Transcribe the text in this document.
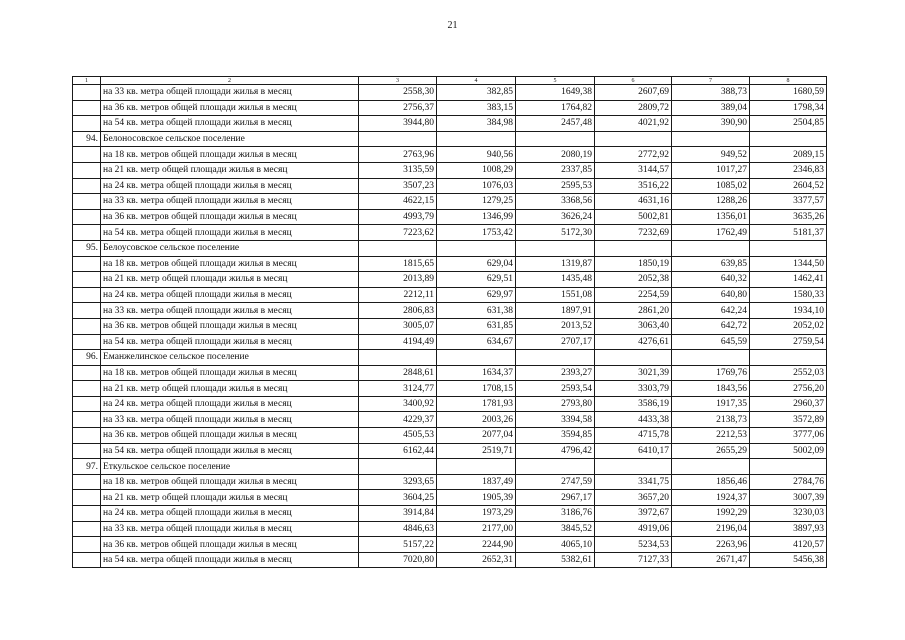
21
1	2	3	4	5	6	7	8
	на 33 кв. метра общей площади жилья в месяц	2558,30	382,85	1649,38	2607,69	388,73	1680,59
	на 36 кв. метров общей площади жилья в месяц	2756,37	383,15	1764,82	2809,72	389,04	1798,34
	на 54 кв. метра общей площади жилья в месяц	3944,80	384,98	2457,48	4021,92	390,90	2504,85
94.	Белоносовское сельское поселение						
	на 18 кв. метров общей площади жилья в месяц	2763,96	940,56	2080,19	2772,92	949,52	2089,15
	на 21 кв. метр общей площади жилья в месяц	3135,59	1008,29	2337,85	3144,57	1017,27	2346,83
	на 24 кв. метра общей площади жилья в месяц	3507,23	1076,03	2595,53	3516,22	1085,02	2604,52
	на 33 кв. метра общей площади жилья в месяц	4622,15	1279,25	3368,56	4631,16	1288,26	3377,57
	на 36 кв. метров общей площади жилья в месяц	4993,79	1346,99	3626,24	5002,81	1356,01	3635,26
	на 54 кв. метра общей площади жилья в месяц	7223,62	1753,42	5172,30	7232,69	1762,49	5181,37
95.	Белоусовское сельское поселение						
	на 18 кв. метров общей площади жилья в месяц	1815,65	629,04	1319,87	1850,19	639,85	1344,50
	на 21 кв. метр общей площади жилья в месяц	2013,89	629,51	1435,48	2052,38	640,32	1462,41
	на 24 кв. метра общей площади жилья в месяц	2212,11	629,97	1551,08	2254,59	640,80	1580,33
	на 33 кв. метра общей площади жилья в месяц	2806,83	631,38	1897,91	2861,20	642,24	1934,10
	на 36 кв. метров общей площади жилья в месяц	3005,07	631,85	2013,52	3063,40	642,72	2052,02
	на 54 кв. метра общей площади жилья в месяц	4194,49	634,67	2707,17	4276,61	645,59	2759,54
96.	Еманжелинское сельское поселение						
	на 18 кв. метров общей площади жилья в месяц	2848,61	1634,37	2393,27	3021,39	1769,76	2552,03
	на 21 кв. метр общей площади жилья в месяц	3124,77	1708,15	2593,54	3303,79	1843,56	2756,20
	на 24 кв. метра общей площади жилья в месяц	3400,92	1781,93	2793,80	3586,19	1917,35	2960,37
	на 33 кв. метра общей площади жилья в месяц	4229,37	2003,26	3394,58	4433,38	2138,73	3572,89
	на 36 кв. метров общей площади жилья в месяц	4505,53	2077,04	3594,85	4715,78	2212,53	3777,06
	на 54 кв. метра общей площади жилья в месяц	6162,44	2519,71	4796,42	6410,17	2655,29	5002,09
97.	Еткульское сельское поселение						
	на 18 кв. метров общей площади жилья в месяц	3293,65	1837,49	2747,59	3341,75	1856,46	2784,76
	на 21 кв. метр общей площади жилья в месяц	3604,25	1905,39	2967,17	3657,20	1924,37	3007,39
	на 24 кв. метра общей площади жилья в месяц	3914,84	1973,29	3186,76	3972,67	1992,29	3230,03
	на 33 кв. метра общей площади жилья в месяц	4846,63	2177,00	3845,52	4919,06	2196,04	3897,93
	на 36 кв. метров общей площади жилья в месяц	5157,22	2244,90	4065,10	5234,53	2263,96	4120,57
	на 54 кв. метра общей площади жилья в месяц	7020,80	2652,31	5382,61	7127,33	2671,47	5456,38
